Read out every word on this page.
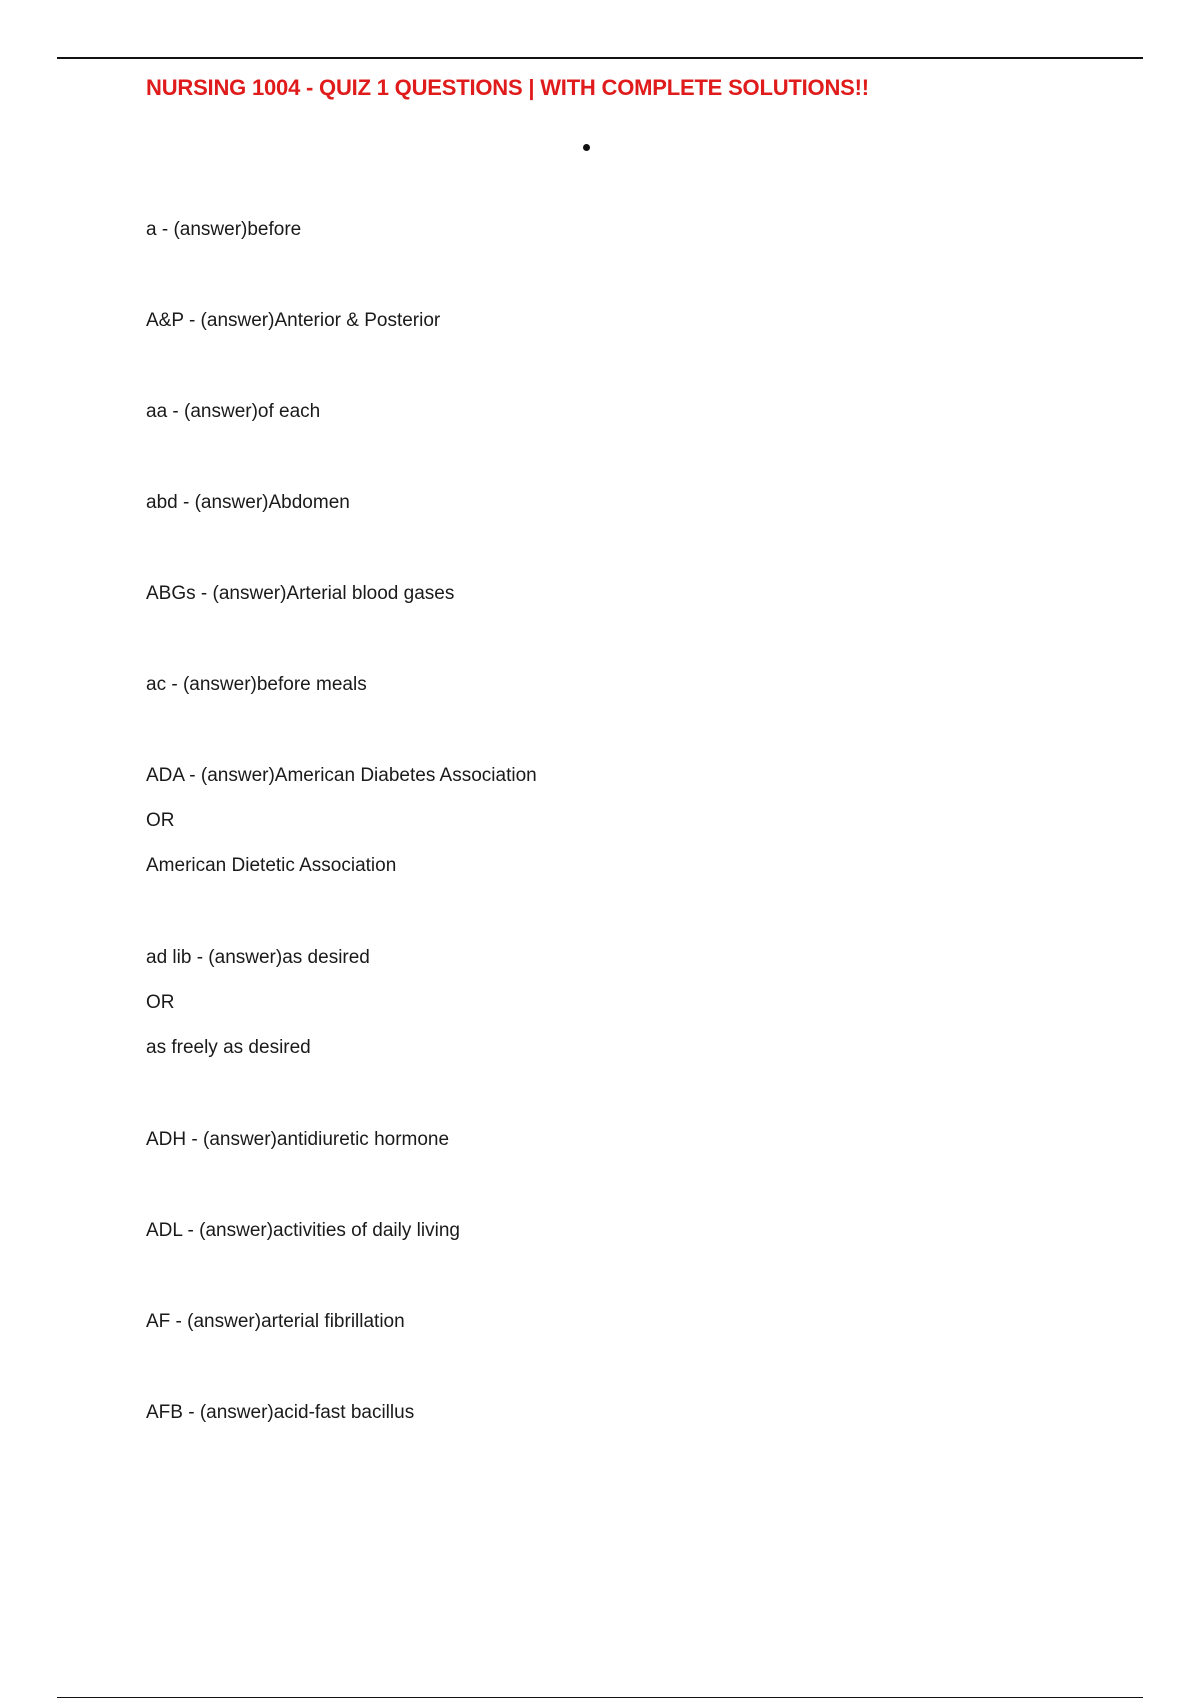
NURSING 1004 - QUIZ 1 QUESTIONS | WITH COMPLETE SOLUTIONS!!
a - (answer)before
A&P - (answer)Anterior & Posterior
aa - (answer)of each
abd - (answer)Abdomen
ABGs - (answer)Arterial blood gases
ac - (answer)before meals
ADA - (answer)American Diabetes Association
OR
American Dietetic Association
ad lib - (answer)as desired
OR
as freely as desired
ADH - (answer)antidiuretic hormone
ADL - (answer)activities of daily living
AF - (answer)arterial fibrillation
AFB - (answer)acid-fast bacillus
